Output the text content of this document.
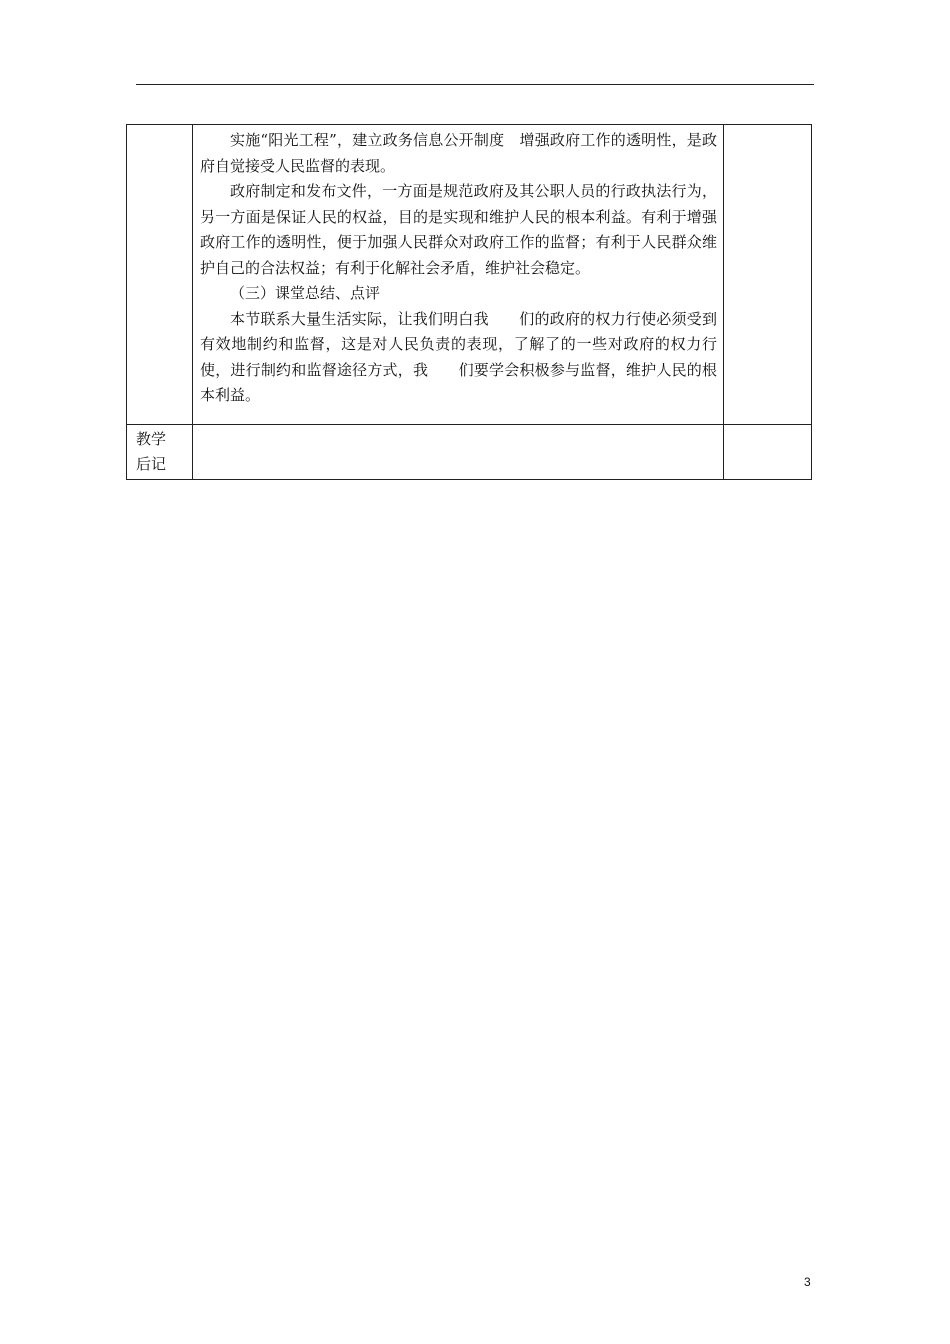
	实施“阳光工程”，建立政务信息公开制度　增强政府工作的透明性，是政府自觉接受人民监督的表现。

政府制定和发布文件，一方面是规范政府及其公职人员的行政执法行为，另一方面是保证人民的权益，目的是实现和维护人民的根本利益。有利于增强政府工作的透明性，便于加强人民群众对政府工作的监督；有利于人民群众维护自己的合法权益；有利于化解社会矛盾，维护社会稳定。

（三）课堂总结、点评

本节联系大量生活实际，让我们明白我　　们的政府的权力行使必须受到有效地制约和监督，这是对人民负责的表现，了解了的一些对政府的权力行使，进行制约和监督途径方式，我　　们要学会积极参与监督，维护人民的根本利益。	

教学
后记		

3
